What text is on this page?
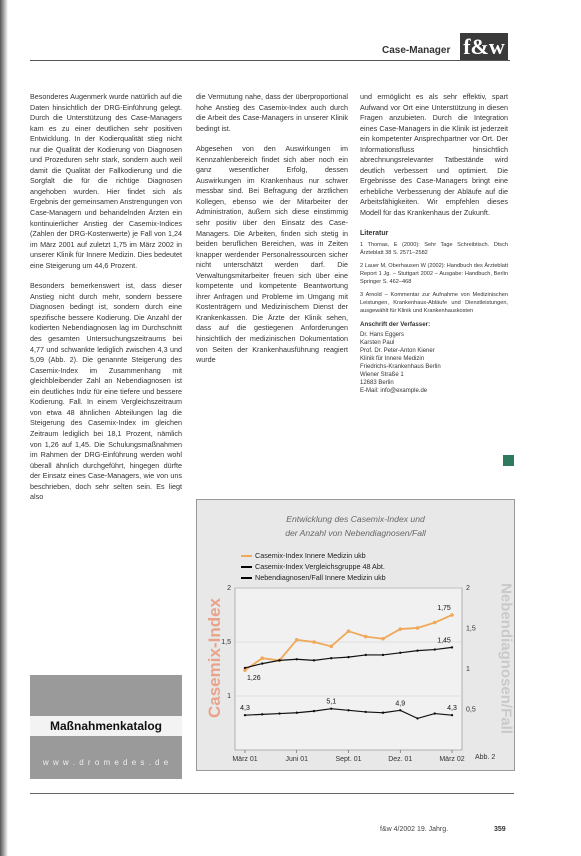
Case-Manager f&w

Besonderes Augenmerk wurde natürlich auf die Daten hinsichtlich der DRG-Einführung gelegt. Durch die Unterstützung des Case-Managers kam es zu einer deutlichen sehr positiven Entwicklung. In der Kodierqualität stieg nicht nur die Qualität der Kodierung von Diagnosen und Prozeduren sehr stark, sondern auch weil damit die Qualität der Fallkodierung und die Sorgfalt die für die richtige Diagnosen angehoben wurden. Hier findet sich als Ergebnis der gemeinsamen Anstrengungen von Case-Managern und behandelnden Ärzten ein kontinuierlicher Anstieg der Casemix-Indices (Zahlen der DRG-Kostenwerte) je Fall von 1,24 im März 2001 auf zuletzt 1,75 im März 2002 in unserer Klinik für Innere Medizin. Dies bedeutet eine Steigerung um 44,6 Prozent.

Besonders bemerkenswert ist, dass dieser Anstieg nicht durch mehr, sondern bessere Diagnosen bedingt ist, sondern durch eine spezifische bessere Kodierung. Die Anzahl der kodierten Nebendiagnosen lag im Durchschnitt des gesamten Untersuchungszeitraums bei 4,77 und schwankte lediglich zwischen 4,3 und 5,09 (Abb. 2). Die genannte Steigerung des Casemix-Index im Zusammenhang mit gleichbleibender Zahl an Nebendiagnosen ist ein deutliches Indiz für eine tiefere und bessere Kodierung. Fall. In einem Vergleichszeitraum von etwa 48 ähnlichen Abteilungen lag die Steigerung des Casemix-Index im gleichen Zeitraum lediglich bei 18,1 Prozent, nämlich von 1,26 auf 1,45. Die Schulungsmaßnahmen im Rahmen der DRG-Einführung werden wohl überall ähnlich durchgeführt, hingegen dürfte der Einsatz eines Case-Managers, wie von uns beschrieben, doch sehr selten sein. Es liegt also

die Vermutung nahe, dass der überproportional hohe Anstieg des Casemix-Index auch durch die Arbeit des Case-Managers in unserer Klinik bedingt ist.

Abgesehen von den Auswirkungen im Kennzahlenbereich findet sich aber noch ein ganz wesentlicher Erfolg, dessen Auswirkungen im Krankenhaus nur schwer messbar sind. Bei Befragung der ärztlichen Kollegen, ebenso wie der Mitarbeiter der Administration, äußern sich diese einstimmig sehr positiv über den Einsatz des Case-Managers. Die Arbeiten, finden sich stetig in beiden beruflichen Bereichen, was in Zeiten knapper werdender Personalressourcen sicher nicht unterschätzt werden darf. Die Verwaltungsmitarbeiter freuen sich über eine kompetente und kompetente Beantwortung ihrer Anfragen und Probleme im Umgang mit Kostenträgern und Medizinischem Dienst der Krankenkassen. Die Ärzte der Klinik sehen, dass auf die gestiegenen Anforderungen hinsichtlich der medizinischen Dokumentation von Seiten der Krankenhausführung reagiert wurde

und ermöglicht es als sehr effektiv, spart Aufwand vor Ort eine Unterstützung in diesen Fragen anzubieten. Durch die Integration eines Case-Managers in die Klinik ist jederzeit ein kompetenter Ansprechpartner vor Ort. Der Informationsfluss hinsichtlich abrechnungsrelevanter Tatbestände wird deutlich verbessert und optimiert. Die Ergebnisse des Case-Managers bringt eine erhebliche Verbesserung der Abläufe auf die Arbeitsfähigkeiten. Wir empfehlen dieses Modell für das Krankenhaus der Zukunft.

Literatur
1 Thomas, E (2000): Sehr Tage Schreibtisch. Dtsch Ärzteblatt 38 S. 2571–2582
2 Lauer M, Oberhausen W (2002): Handbuch des Ärzteblatt Report 1 Jg. – Stuttgart 2002 – Ausgabe: Handbuch, Berlin Springer S. 462–468
3 Arnold – Kommentar zur Aufnahme von Medizinischen Leistungen, Krankenhaus-Abläufe und Dienstleistungen, ausgewählt für Klinik und Krankenhauskosten
Anschrift der Verfasser:
Dr. Hans Eggers
Karsten Paul
Prof. Dr. Peter-Anton Kiener
Klinik für Innere Medizin
Friedrichs-Krankenhaus Berlin
Wiener Straße 1
12683 Berlin
E-Mail: info@example.de
Entwicklung des Casemix-Index und
der Anzahl von Nebendiagnosen/Fall
Casemix-Index	Nebendiagnosen/Fall
1
1,5
2
0,5
1
1,5
2
März 01	Juni 01	Sept. 01	Dez. 01	März 02
1,75
1,45
1,26
4,3
5,1	4,9
4,3
Casemix-Index Innere Medizin ukb
Casemix-Index Vergleichsgruppe 48 Abt.
Nebendiagnosen/Fall Innere Medizin ukb
Abb. 2
Maßnahmenkatalog
w w w . d r o m e d e s . d e
f&w 4/2002 19. Jahrg.	359
